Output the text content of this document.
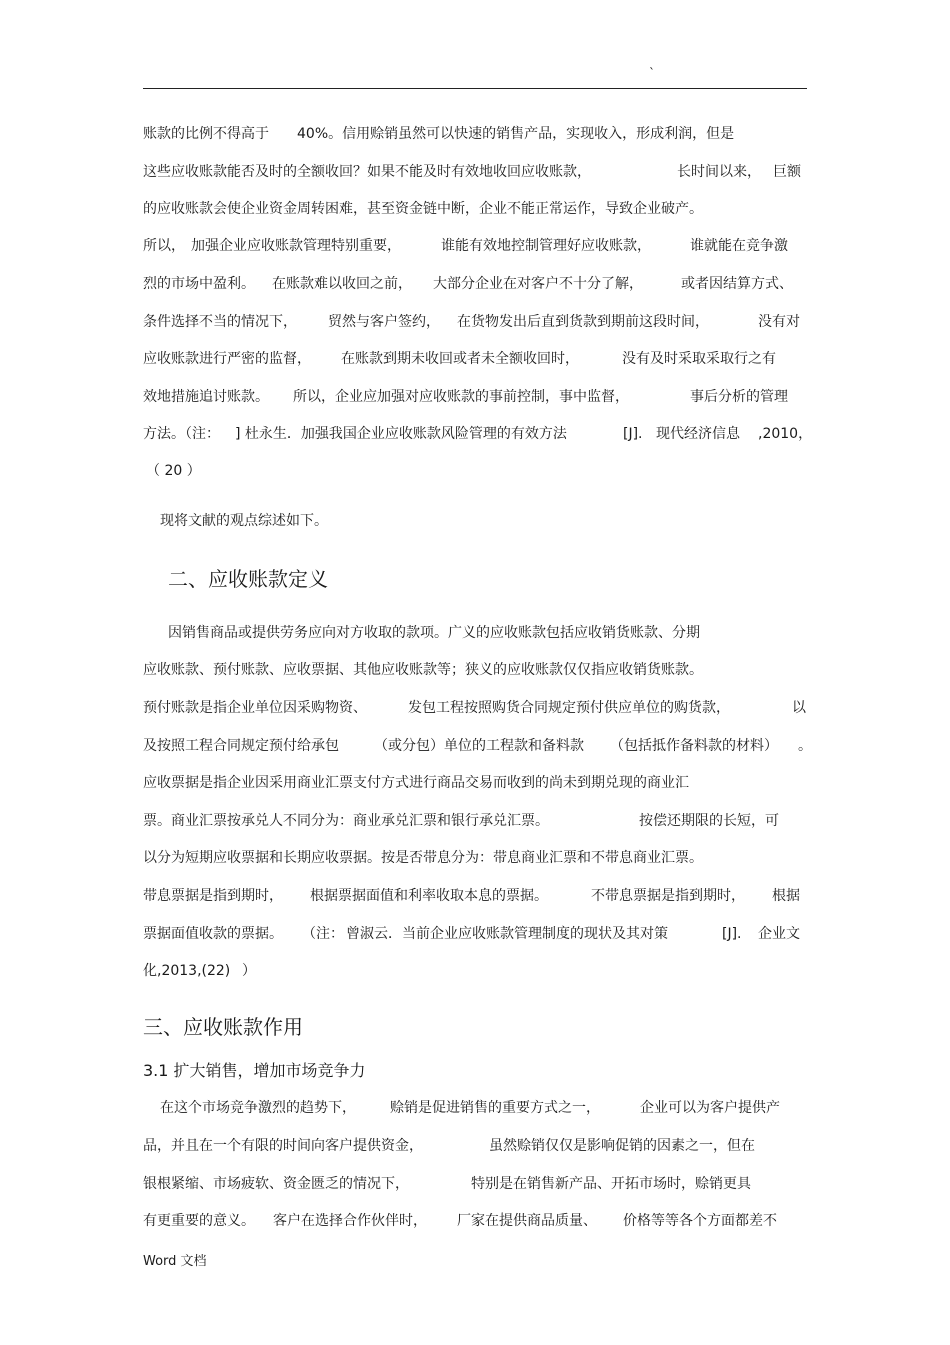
`
账款的比例不得高于 40%。信用赊销虽然可以快速的销售产品，实现收入，形成利润，但是
这些应收账款能否及时的全额收回？如果不能及时有效地收回应收账款，	长时间以来， 巨额
的应收账款会使企业资金周转困难，甚至资金链中断，企业不能正常运作，导致企业破产。
所以， 加强企业应收账款管理特别重要，	谁能有效地控制管理好应收账款，	谁就能在竞争激
烈的市场中盈利。 在账款难以收回之前， 大部分企业在对客户不十分了解，	或者因结算方式、
条件选择不当的情况下， 贸然与客户签约， 在货物发出后直到货款到期前这段时间，	没有对
应收账款进行严密的监督， 在账款到期未收回或者未全额收回时，	没有及时采取采取行之有
效地措施追讨账款。 所以，企业应加强对应收账款的事前控制，事中监督，	事后分析的管理
方法。（注： ] 杜永生．加强我国企业应收账款风险管理的有效方法	[J]. 现代经济信息 ,2010，
（ 20 ）
现将文献的观点综述如下。
二、应收账款定义
因销售商品或提供劳务应向对方收取的款项。广义的应收账款包括应收销货账款、分期
应收账款、预付账款、应收票据、其他应收账款等；狭义的应收账款仅仅指应收销货账款。
预付账款是指企业单位因采购物资、	发包工程按照购货合同规定预付供应单位的购货款，	以
及按照工程合同规定预付给承包	（或分包）单位的工程款和备料款 （包括抵作备料款的材料） 。
应收票据是指企业因采用商业汇票支付方式进行商品交易而收到的尚未到期兑现的商业汇
票。商业汇票按承兑人不同分为：商业承兑汇票和银行承兑汇票。	按偿还期限的长短，可
以分为短期应收票据和长期应收票据。按是否带息分为：带息商业汇票和不带息商业汇票。
带息票据是指到期时， 根据票据面值和利率收取本息的票据。	不带息票据是指到期时， 根据
票据面值收款的票据。 （注： 曾淑云．当前企业应收账款管理制度的现状及其对策	[J]. 企业文
化,2013,(22) ）
三、应收账款作用
3.1 扩大销售，增加市场竞争力
在这个市场竞争激烈的趋势下， 赊销是促进销售的重要方式之一，	企业可以为客户提供产
品，并且在一个有限的时间向客户提供资金，	虽然赊销仅仅是影响促销的因素之一，但在
银根紧缩、市场疲软、资金匮乏的情况下，	特别是在销售新产品、开拓市场时，赊销更具
有更重要的意义。 客户在选择合作伙伴时， 厂家在提供商品质量、 价格等等各个方面都差不
Word 文档
